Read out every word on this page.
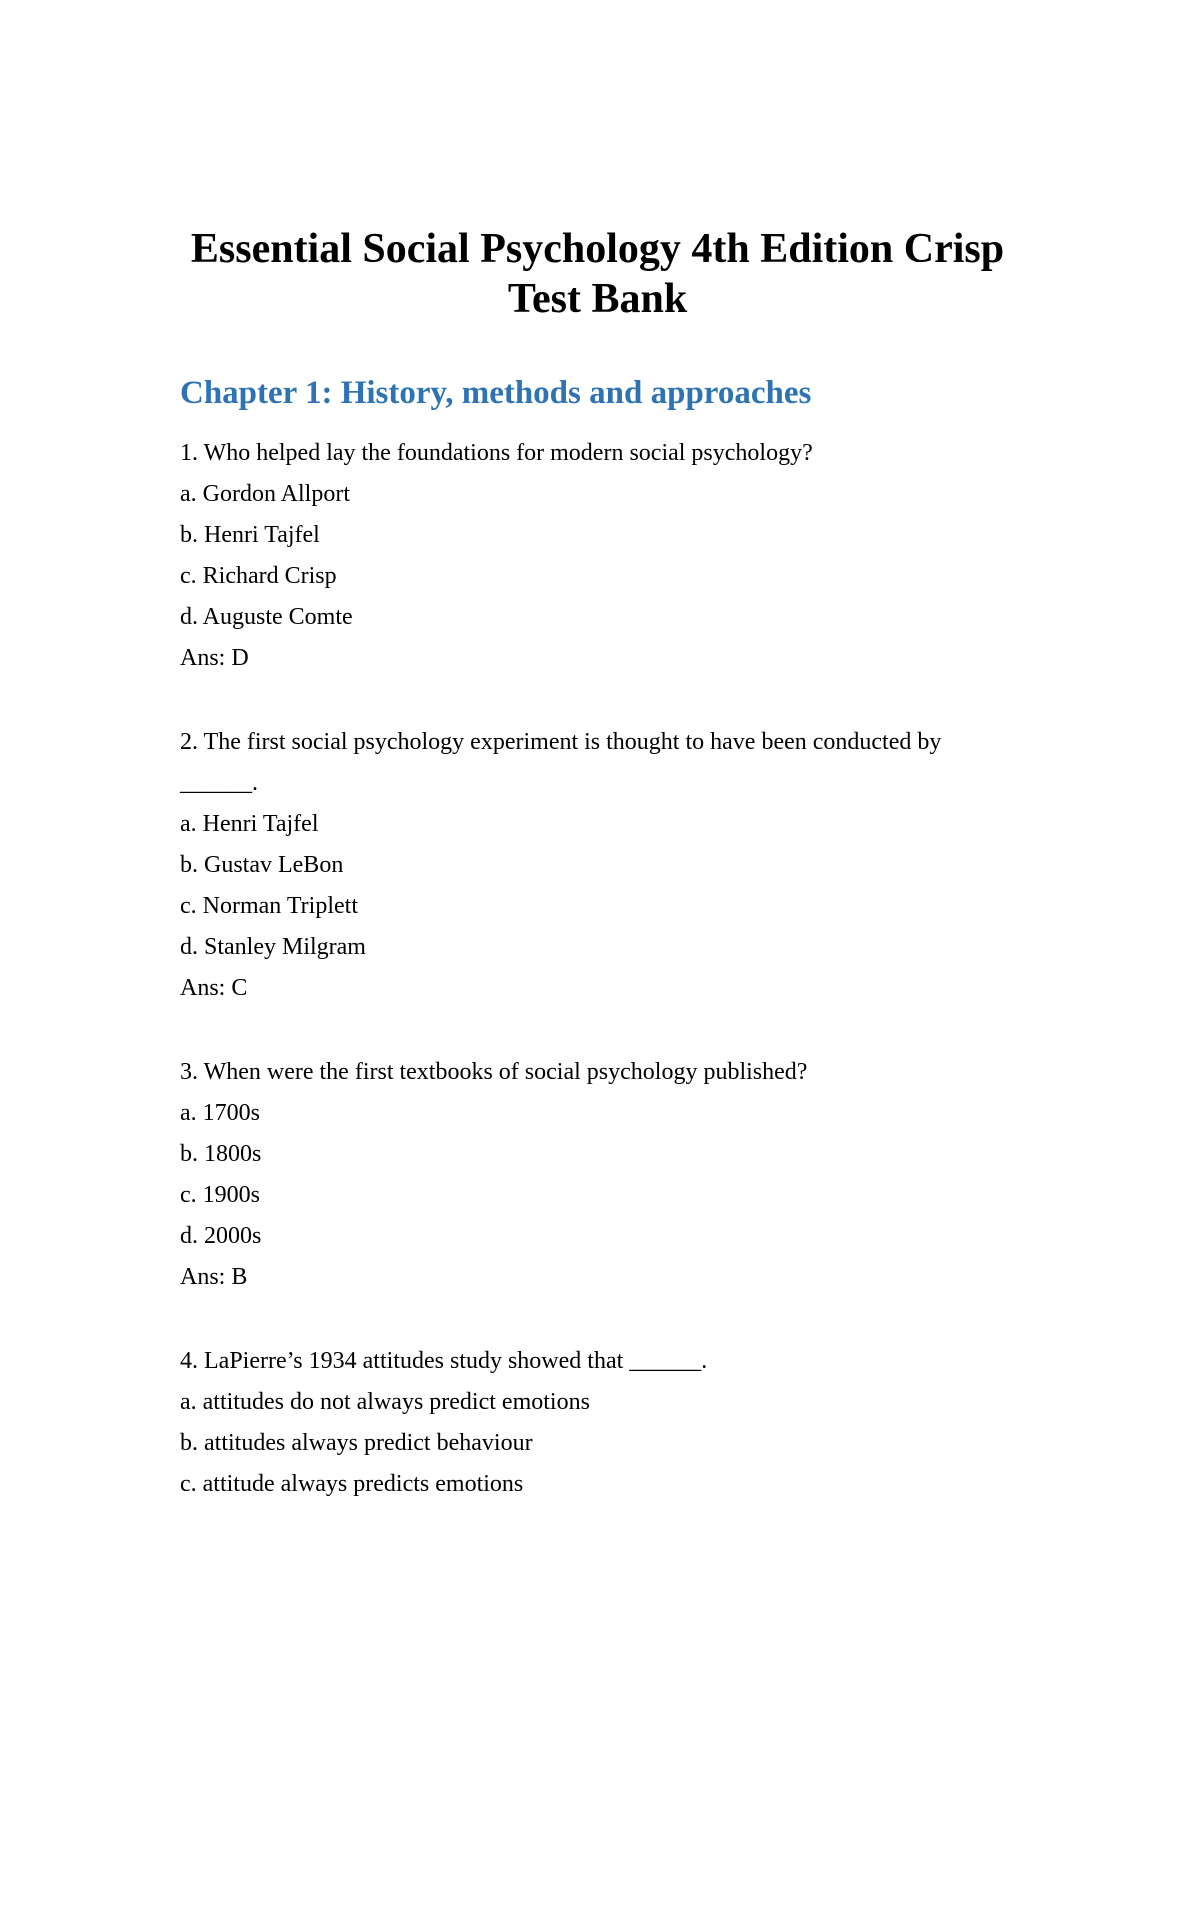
Essential Social Psychology 4th Edition Crisp
Test Bank
Chapter 1: History, methods and approaches

1. Who helped lay the foundations for modern social psychology?

a. Gordon Allport

b. Henri Tajfel

c. Richard Crisp

d. Auguste Comte

Ans: D

2. The first social psychology experiment is thought to have been conducted by

______.

a. Henri Tajfel

b. Gustav LeBon

c. Norman Triplett

d. Stanley Milgram

Ans: C

3. When were the first textbooks of social psychology published?

a. 1700s

b. 1800s

c. 1900s

d. 2000s

Ans: B

4. LaPierre’s 1934 attitudes study showed that ______.

a. attitudes do not always predict emotions

b. attitudes always predict behaviour

c. attitude always predicts emotions
